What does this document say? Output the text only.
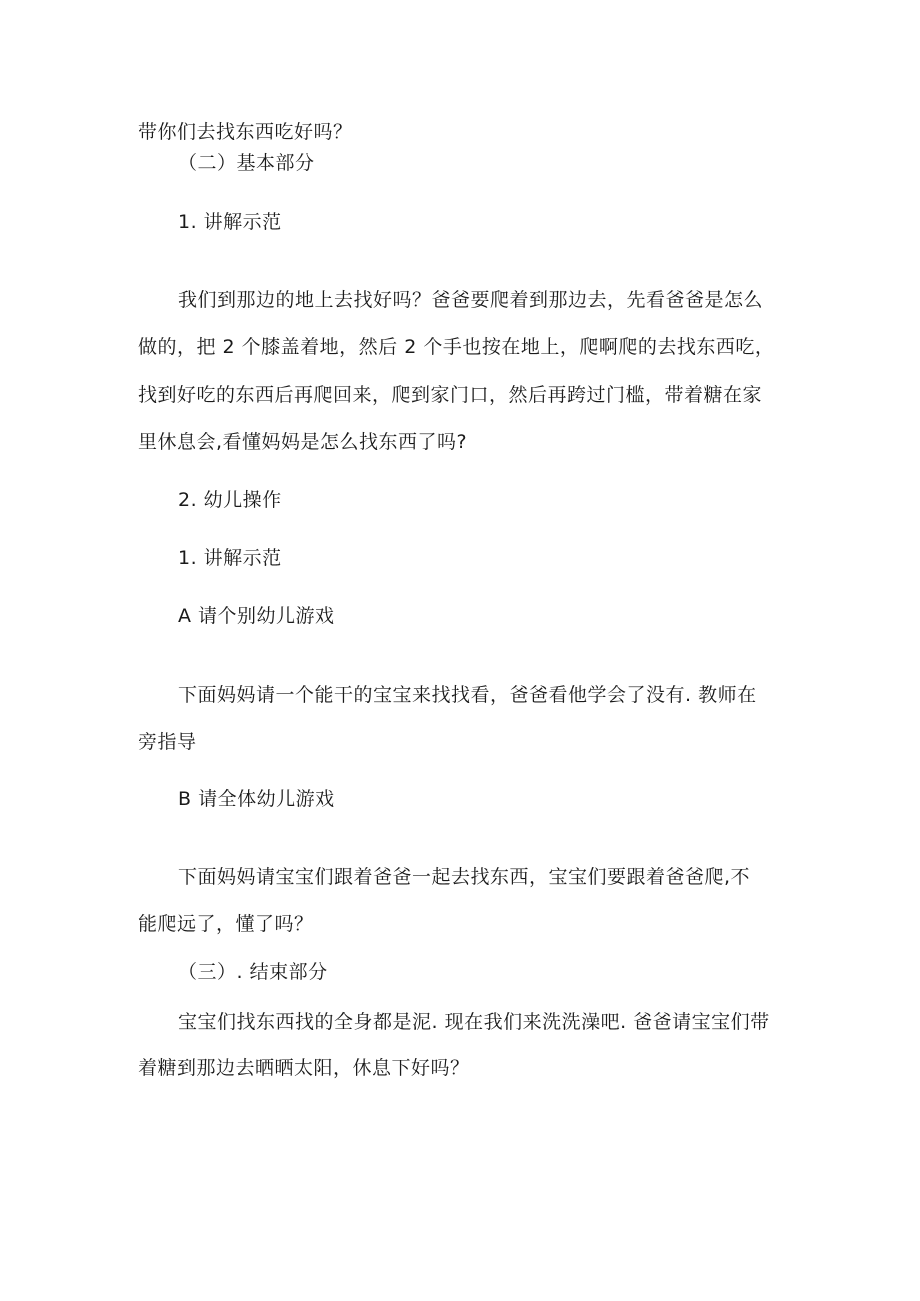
带你们去找东西吃好吗？
（二）基本部分
1. 讲解示范
我们到那边的地上去找好吗？爸爸要爬着到那边去，先看爸爸是怎么
做的，把 2 个膝盖着地，然后 2 个手也按在地上，爬啊爬的去找东西吃，
找到好吃的东西后再爬回来，爬到家门口，然后再跨过门槛，带着糖在家
里休息会,看懂妈妈是怎么找东西了吗?
2. 幼儿操作
1. 讲解示范
A 请个别幼儿游戏
下面妈妈请一个能干的宝宝来找找看，爸爸看他学会了没有. 教师在
旁指导
B 请全体幼儿游戏
下面妈妈请宝宝们跟着爸爸一起去找东西，宝宝们要跟着爸爸爬,不
能爬远了，懂了吗？
（三）. 结束部分
宝宝们找东西找的全身都是泥. 现在我们来洗洗澡吧. 爸爸请宝宝们带
着糖到那边去晒晒太阳，休息下好吗？
